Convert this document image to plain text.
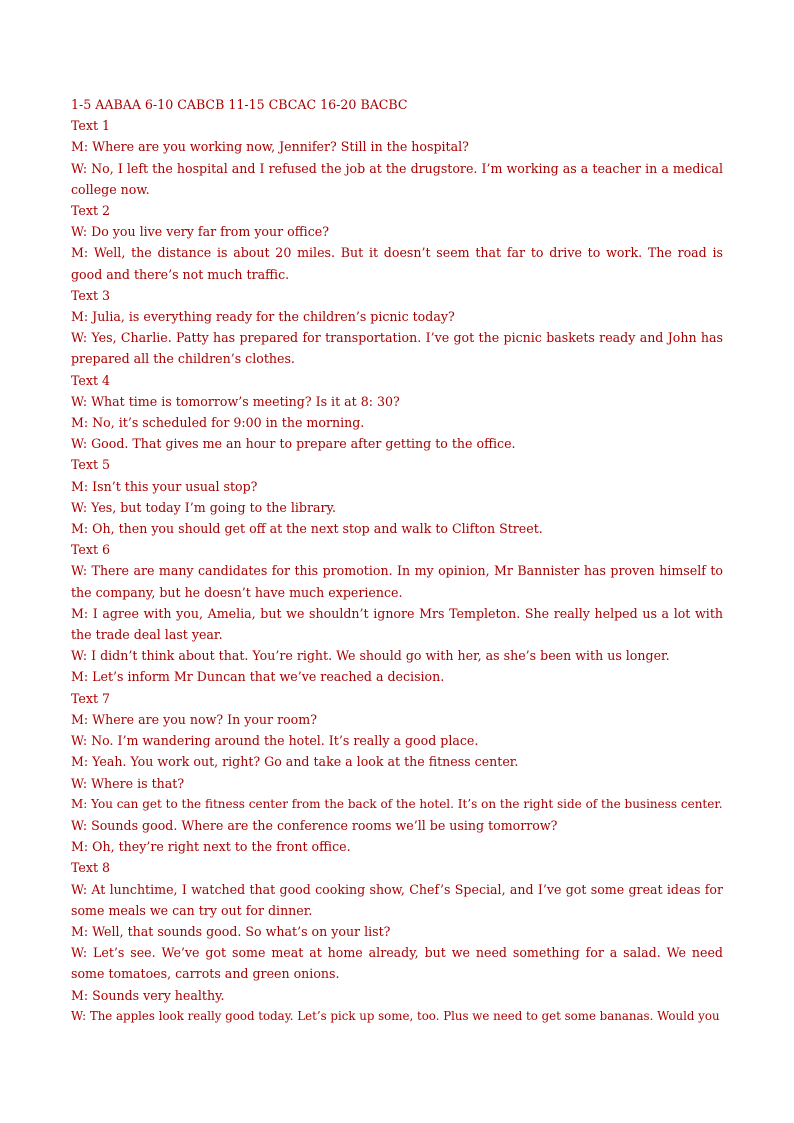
1-5 AABAA 6-10 CABCB 11-15 CBCAC 16-20 BACBC
Text 1
M: Where are you working now, Jennifer? Still in the hospital?
W: No, I left the hospital and I refused the job at the drugstore. I’m working as a teacher in a medical college now.
Text 2
W: Do you live very far from your office?
M: Well, the distance is about 20 miles. But it doesn’t seem that far to drive to work. The road is good and there’s not much traffic.
Text 3
M: Julia, is everything ready for the children’s picnic today?
W: Yes, Charlie. Patty has prepared for transportation. I’ve got the picnic baskets ready and John has prepared all the children’s clothes.
Text 4
W: What time is tomorrow’s meeting? Is it at 8: 30?
M: No, it’s scheduled for 9:00 in the morning.
W: Good. That gives me an hour to prepare after getting to the office.
Text 5
M: Isn’t this your usual stop?
W: Yes, but today I’m going to the library.
M: Oh, then you should get off at the next stop and walk to Clifton Street.
Text 6
W: There are many candidates for this promotion. In my opinion, Mr Bannister has proven himself to the company, but he doesn’t have much experience.
M: I agree with you, Amelia, but we shouldn’t ignore Mrs Templeton. She really helped us a lot with the trade deal last year.
W: I didn’t think about that. You’re right. We should go with her, as she’s been with us longer.
M: Let’s inform Mr Duncan that we’ve reached a decision.
Text 7
M: Where are you now? In your room?
W: No. I’m wandering around the hotel. It’s really a good place.
M: Yeah. You work out, right? Go and take a look at the fitness center.
W: Where is that?
M: You can get to the fitness center from the back of the hotel. It’s on the right side of the business center.
W: Sounds good. Where are the conference rooms we’ll be using tomorrow?
M: Oh, they’re right next to the front office.
Text 8
W: At lunchtime, I watched that good cooking show, Chef’s Special, and I’ve got some great ideas for some meals we can try out for dinner.
M: Well, that sounds good. So what’s on your list?
W: Let’s see. We’ve got some meat at home already, but we need something for a salad. We need some tomatoes, carrots and green onions.
M: Sounds very healthy.
W: The apples look really good today. Let’s pick up some, too. Plus we need to get some bananas. Would you
